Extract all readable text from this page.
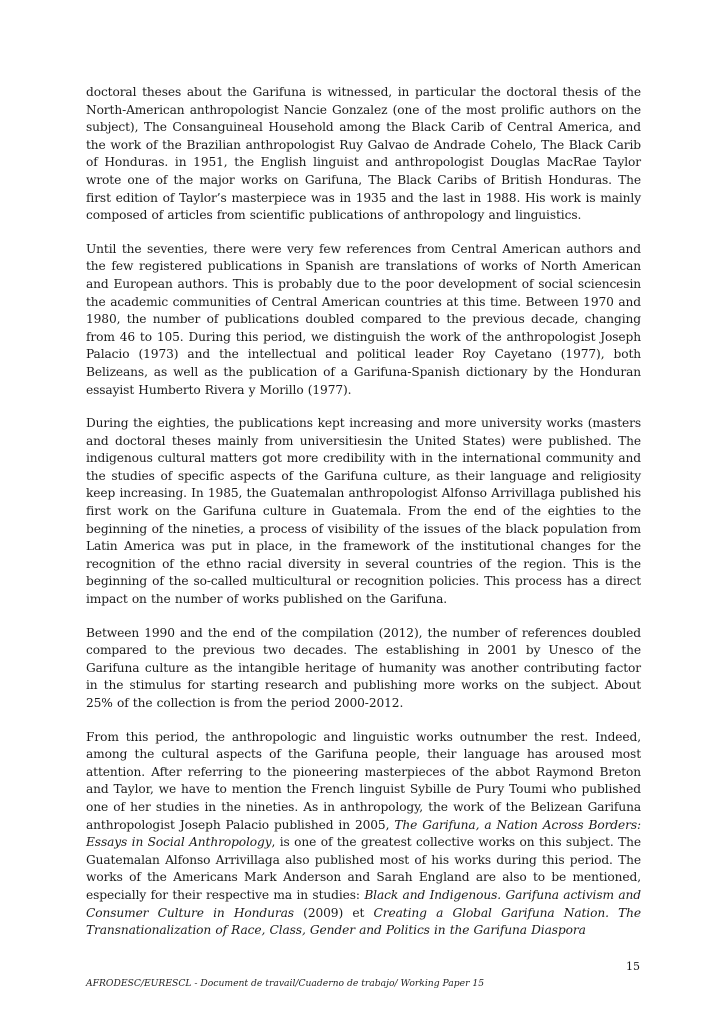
doctoral theses about the Garifuna is witnessed, in particular the doctoral thesis of the North-American anthropologist Nancie Gonzalez (one of the most prolific authors on the subject), The Consanguineal Household among the Black Carib of Central America, and the work of the Brazilian anthropologist Ruy Galvao de Andrade Cohelo, The Black Carib of Honduras. in 1951, the English linguist and anthropologist Douglas MacRae Taylor wrote one of the major works on Garifuna, The Black Caribs of British Honduras. The first edition of Taylor’s masterpiece was in 1935 and the last in 1988. His work is mainly composed of articles from scientific publications of anthropology and linguistics.

Until the seventies, there were very few references from Central American authors and the few registered publications in Spanish are translations of works of North American and European authors. This is probably due to the poor development of social sciencesin the academic communities of Central American countries at this time. Between 1970 and 1980, the number of publications doubled compared to the previous decade, changing from 46 to 105. During this period, we distinguish the work of the anthropologist Joseph Palacio (1973) and the intellectual and political leader Roy Cayetano (1977), both Belizeans, as well as the publication of a Garifuna-Spanish dictionary by the Honduran essayist Humberto Rivera y Morillo (1977).

During the eighties, the publications kept increasing and more university works (masters and doctoral theses mainly from universitiesin the United States) were published. The indigenous cultural matters got more credibility with in the international community and the studies of specific aspects of the Garifuna culture, as their language and religiosity keep increasing. In 1985, the Guatemalan anthropologist Alfonso Arrivillaga published his first work on the Garifuna culture in Guatemala. From the end of the eighties to the beginning of the nineties, a process of visibility of the issues of the black population from Latin America was put in place, in the framework of the institutional changes for the recognition of the ethno racial diversity in several countries of the region. This is the beginning of the so-called multicultural or recognition policies. This process has a direct impact on the number of works published on the Garifuna.

Between 1990 and the end of the compilation (2012), the number of references doubled compared to the previous two decades. The establishing in 2001 by Unesco of the Garifuna culture as the intangible heritage of humanity was another contributing factor in the stimulus for starting research and publishing more works on the subject. About 25% of the collection is from the period 2000-2012.

From this period, the anthropologic and linguistic works outnumber the rest. Indeed, among the cultural aspects of the Garifuna people, their language has aroused most attention. After referring to the pioneering masterpieces of the abbot Raymond Breton and Taylor, we have to mention the French linguist Sybille de Pury Toumi who published one of her studies in the nineties. As in anthropology, the work of the Belizean Garifuna anthropologist Joseph Palacio published in 2005, The Garifuna, a Nation Across Borders: Essays in Social Anthropology, is one of the greatest collective works on this subject. The Guatemalan Alfonso Arrivillaga also published most of his works during this period. The works of the Americans Mark Anderson and Sarah England are also to be mentioned, especially for their respective ma in studies: Black and Indigenous. Garifuna activism and Consumer Culture in Honduras (2009) et Creating a Global Garifuna Nation. The Transnationalization of Race, Class, Gender and Politics in the Garifuna Diaspora

15
AFRODESC/EURESCL - Document de travail/Cuaderno de trabajo/ Working Paper 15
